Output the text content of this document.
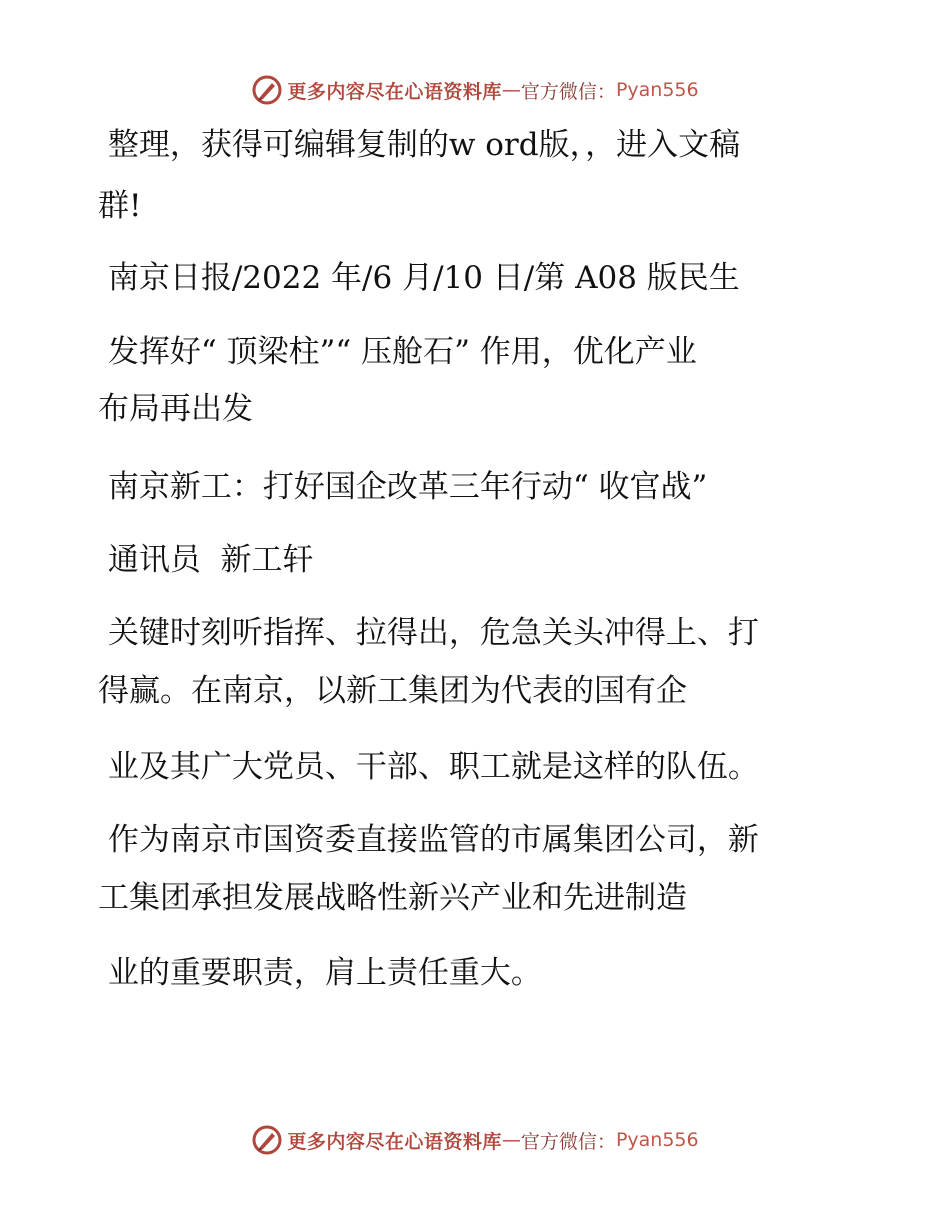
更多内容尽在心语资料库 — 官方微信： Pyan556
整理，获得可编辑复制的w ord版，，进入文稿
群!
南京日报/2022 年/6 月/10 日/第 A08 版民生
发挥好“ 顶梁柱”“ 压舱石” 作用，优化产业
布局再出发
南京新工：打好国企改革三年行动“ 收官战”
通讯员  新工轩
关键时刻听指挥、拉得出，危急关头冲得上、打
得赢。在南京，以新工集团为代表的国有企
业及其广大党员、干部、职工就是这样的队伍。
作为南京市国资委直接监管的市属集团公司，新
工集团承担发展战略性新兴产业和先进制造
业的重要职责，肩上责任重大。
更多内容尽在心语资料库 — 官方微信： Pyan556
